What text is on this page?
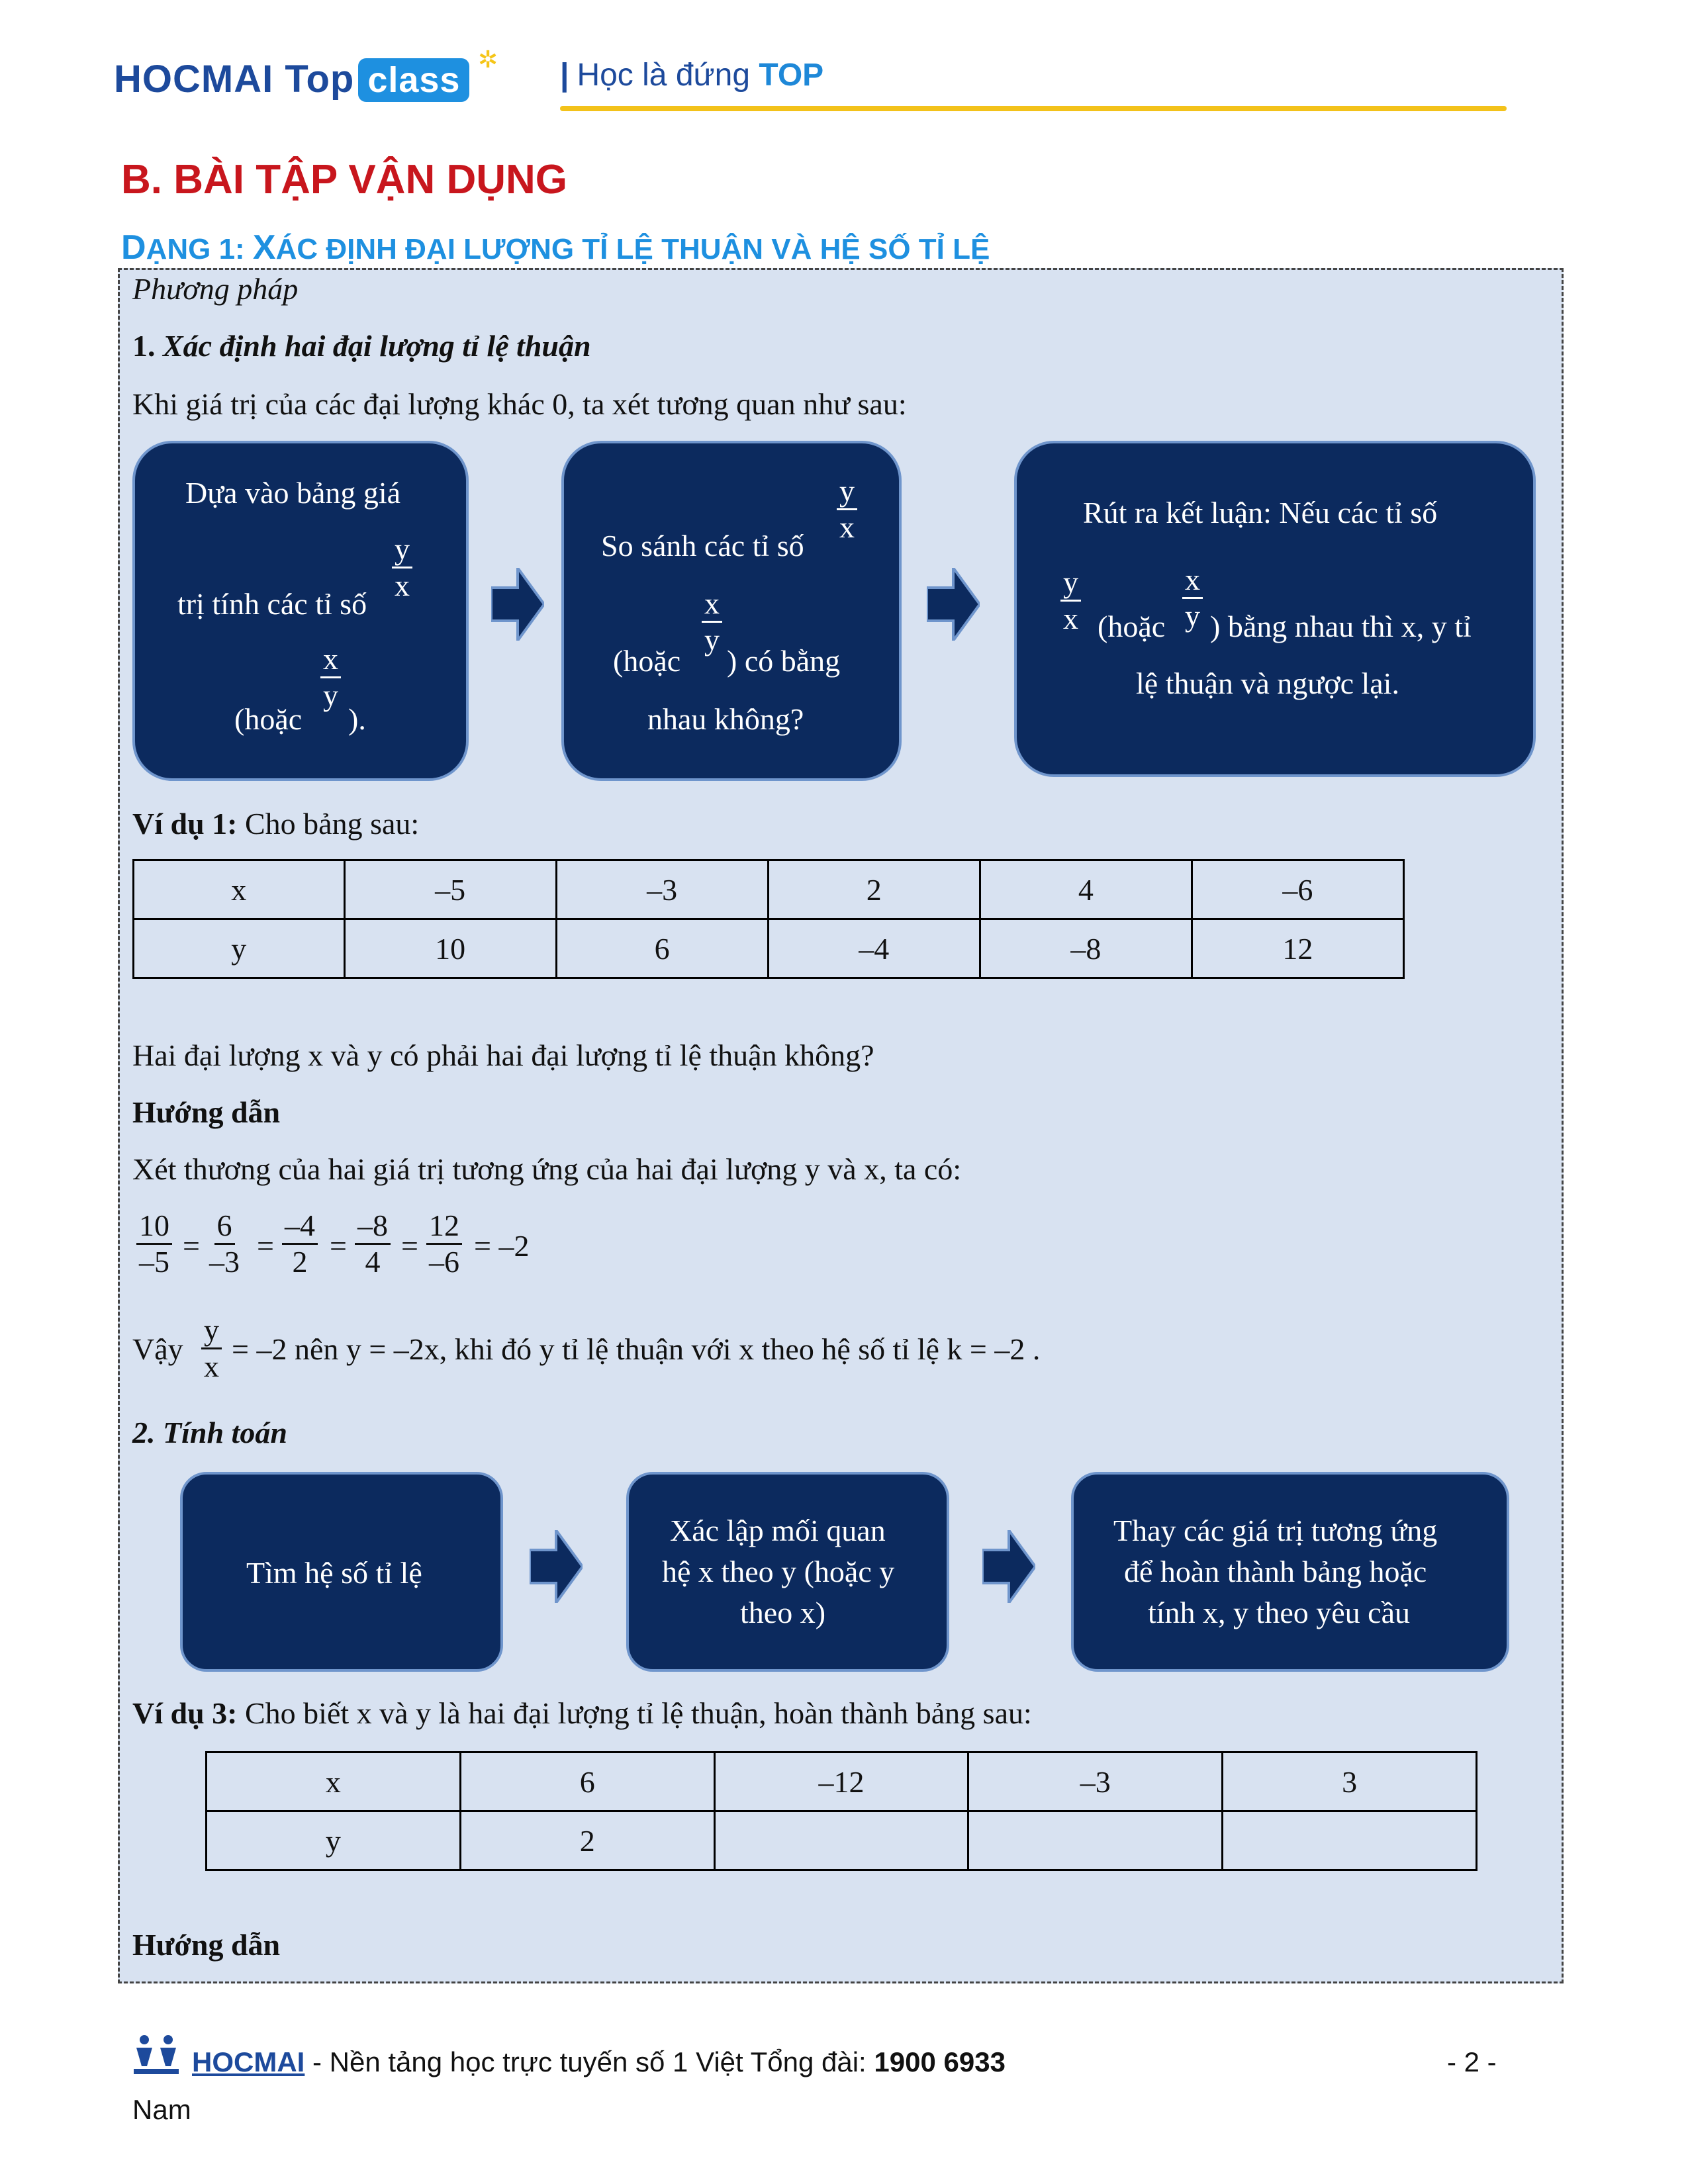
HOCMAI Top class
✲ | Học là đứng TOP
B. BÀI TẬP VẬN DỤNG
DẠNG 1: XÁC ĐỊNH ĐẠI LƯỢNG TỈ LỆ THUẬN VÀ HỆ SỐ TỈ LỆ
Phương pháp
1. Xác định hai đại lượng tỉ lệ thuận
Khi giá trị của các đại lượng khác 0, ta xét tương quan như sau:
Dựa vào bảng giá
trị tính các tỉ số
$\frac{y}{x}$
$\frac{x}{y}$
(hoặc ).
$\frac{y}{x}$
So sánh các tỉ số
$\frac{x}{y}$
(hoặc ) có bằng
nhau không?
Rút ra kết luận: Nếu các tỉ số
$\frac{y}{x}$ (hoặc $\frac{x}{y}$ ) bằng nhau thì x, y tỉ
lệ thuận và ngược lại.
Ví dụ 1: Cho bảng sau:
x	–5	–3	2	4	–6
y	10	6	–4	–8	12
Hai đại lượng x và y có phải hai đại lượng tỉ lệ thuận không?
Hướng dẫn
Xét thương của hai giá trị tương ứng của hai đại lượng y và x, ta có:
$\frac{10}{-5} = \frac{6}{-3} = \frac{-4}{2} = \frac{-8}{4} = \frac{12}{-6} = -2$
Vậy $\frac{y}{x} = -2$ nên y = –2x, khi đó y tỉ lệ thuận với x theo hệ số tỉ lệ k = –2 .
2. Tính toán
Tìm hệ số tỉ lệ
Xác lập mối quan
hệ x theo y (hoặc y
theo x)
Thay các giá trị tương ứng
để hoàn thành bảng hoặc
tính x, y theo yêu cầu
Ví dụ 3: Cho biết x và y là hai đại lượng tỉ lệ thuận, hoàn thành bảng sau:
x	6	–12	–3	3
y	2			
Hướng dẫn
HOCMAI - Nền tảng học trực tuyến số 1 Việt Tổng đài: 1900 6933	- 2 -
Nam
